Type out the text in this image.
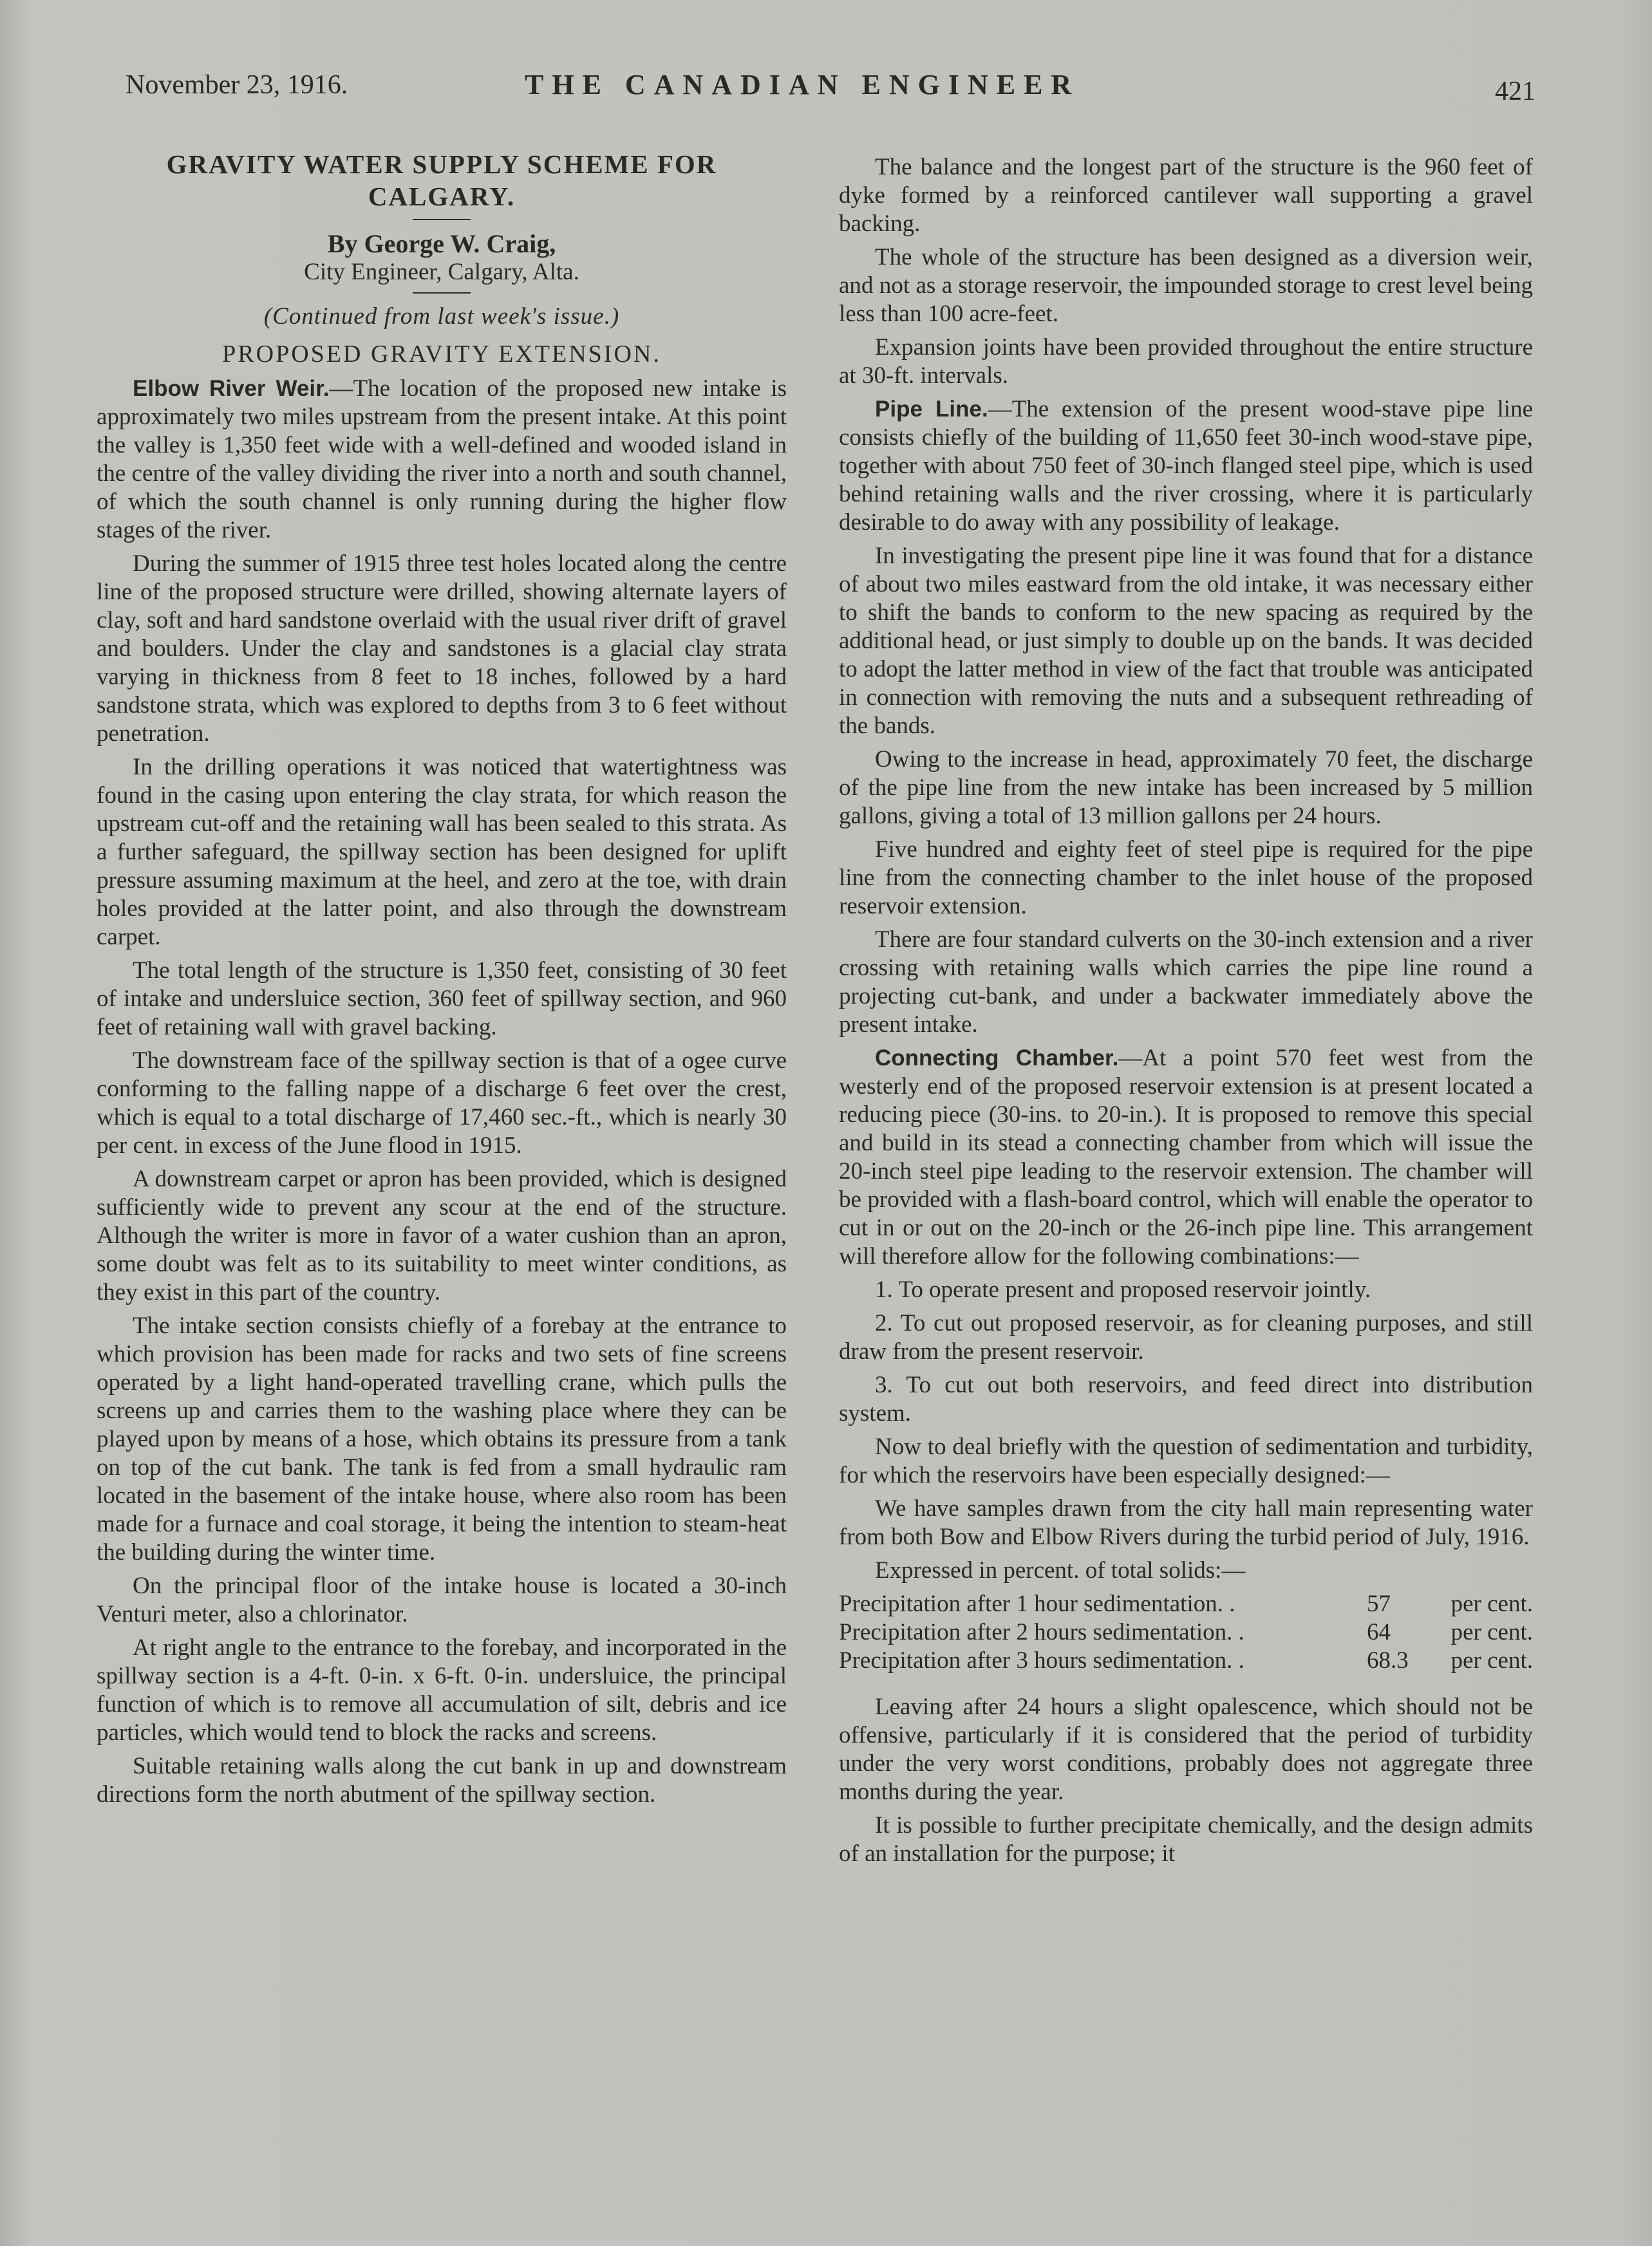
November 23, 1916.	THE CANADIAN ENGINEER	421
GRAVITY WATER SUPPLY SCHEME FOR CALGARY.
By George W. Craig,
City Engineer, Calgary, Alta.
(Continued from last week's issue.)
PROPOSED GRAVITY EXTENSION.

Elbow River Weir.—The location of the proposed new intake is approximately two miles upstream from the present intake. At this point the valley is 1,350 feet wide with a well-defined and wooded island in the centre of the valley dividing the river into a north and south channel, of which the south channel is only running during the higher flow stages of the river.

During the summer of 1915 three test holes located along the centre line of the proposed structure were drilled, showing alternate layers of clay, soft and hard sandstone overlaid with the usual river drift of gravel and boulders. Under the clay and sandstones is a glacial clay strata varying in thickness from 8 feet to 18 inches, followed by a hard sandstone strata, which was explored to depths from 3 to 6 feet without penetration.

In the drilling operations it was noticed that watertightness was found in the casing upon entering the clay strata, for which reason the upstream cut-off and the retaining wall has been sealed to this strata. As a further safeguard, the spillway section has been designed for uplift pressure assuming maximum at the heel, and zero at the toe, with drain holes provided at the latter point, and also through the downstream carpet.

The total length of the structure is 1,350 feet, consisting of 30 feet of intake and undersluice section, 360 feet of spillway section, and 960 feet of retaining wall with gravel backing.

The downstream face of the spillway section is that of a ogee curve conforming to the falling nappe of a discharge 6 feet over the crest, which is equal to a total discharge of 17,460 sec.-ft., which is nearly 30 per cent. in excess of the June flood in 1915.

A downstream carpet or apron has been provided, which is designed sufficiently wide to prevent any scour at the end of the structure. Although the writer is more in favor of a water cushion than an apron, some doubt was felt as to its suitability to meet winter conditions, as they exist in this part of the country.

The intake section consists chiefly of a forebay at the entrance to which provision has been made for racks and two sets of fine screens operated by a light hand-operated travelling crane, which pulls the screens up and carries them to the washing place where they can be played upon by means of a hose, which obtains its pressure from a tank on top of the cut bank. The tank is fed from a small hydraulic ram located in the basement of the intake house, where also room has been made for a furnace and coal storage, it being the intention to steam-heat the building during the winter time.

On the principal floor of the intake house is located a 30-inch Venturi meter, also a chlorinator.

At right angle to the entrance to the forebay, and incorporated in the spillway section is a 4-ft. 0-in. x 6-ft. 0-in. undersluice, the principal function of which is to remove all accumulation of silt, debris and ice particles, which would tend to block the racks and screens.

Suitable retaining walls along the cut bank in up and downstream directions form the north abutment of the spillway section.

The balance and the longest part of the structure is the 960 feet of dyke formed by a reinforced cantilever wall supporting a gravel backing.

The whole of the structure has been designed as a diversion weir, and not as a storage reservoir, the impounded storage to crest level being less than 100 acre-feet.

Expansion joints have been provided throughout the entire structure at 30-ft. intervals.

Pipe Line.—The extension of the present wood-stave pipe line consists chiefly of the building of 11,650 feet 30-inch wood-stave pipe, together with about 750 feet of 30-inch flanged steel pipe, which is used behind retaining walls and the river crossing, where it is particularly desirable to do away with any possibility of leakage.

In investigating the present pipe line it was found that for a distance of about two miles eastward from the old intake, it was necessary either to shift the bands to conform to the new spacing as required by the additional head, or just simply to double up on the bands. It was decided to adopt the latter method in view of the fact that trouble was anticipated in connection with removing the nuts and a subsequent rethreading of the bands.

Owing to the increase in head, approximately 70 feet, the discharge of the pipe line from the new intake has been increased by 5 million gallons, giving a total of 13 million gallons per 24 hours.

Five hundred and eighty feet of steel pipe is required for the pipe line from the connecting chamber to the inlet house of the proposed reservoir extension.

There are four standard culverts on the 30-inch extension and a river crossing with retaining walls which carries the pipe line round a projecting cut-bank, and under a backwater immediately above the present intake.

Connecting Chamber.—At a point 570 feet west from the westerly end of the proposed reservoir extension is at present located a reducing piece (30-ins. to 20-in.). It is proposed to remove this special and build in its stead a connecting chamber from which will issue the 20-inch steel pipe leading to the reservoir extension. The chamber will be provided with a flash-board control, which will enable the operator to cut in or out on the 20-inch or the 26-inch pipe line. This arrangement will therefore allow for the following combinations:—

1. To operate present and proposed reservoir jointly.

2. To cut out proposed reservoir, as for cleaning purposes, and still draw from the present reservoir.

3. To cut out both reservoirs, and feed direct into distribution system.

Now to deal briefly with the question of sedimentation and turbidity, for which the reservoirs have been especially designed:—

We have samples drawn from the city hall main representing water from both Bow and Elbow Rivers during the turbid period of July, 1916.

Expressed in percent. of total solids:—

Precipitation after 1 hour sedimentation. .	57	per cent.
Precipitation after 2 hours sedimentation. .	64	per cent.
Precipitation after 3 hours sedimentation. .	68.3	per cent.

Leaving after 24 hours a slight opalescence, which should not be offensive, particularly if it is considered that the period of turbidity under the very worst conditions, probably does not aggregate three months during the year.

It is possible to further precipitate chemically, and the design admits of an installation for the purpose; it
